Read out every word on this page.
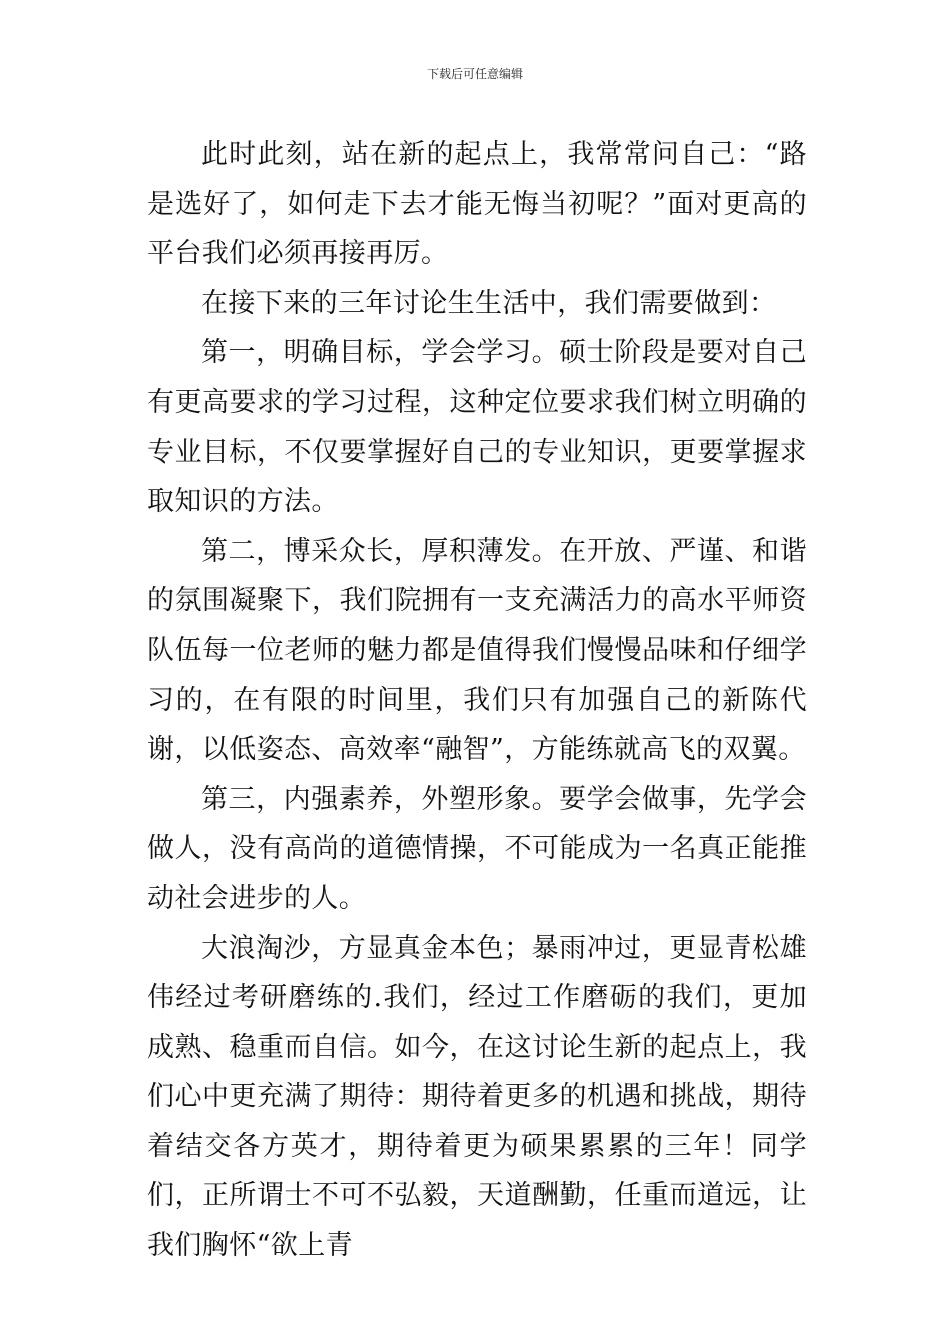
下载后可任意编辑

此时此刻，站在新的起点上，我常常问自己：“路是选好了，如何走下去才能无悔当初呢？”面对更高的平台我们必须再接再厉。

在接下来的三年讨论生生活中，我们需要做到：

第一，明确目标，学会学习。硕士阶段是要对自己有更高要求的学习过程，这种定位要求我们树立明确的专业目标，不仅要掌握好自己的专业知识，更要掌握求取知识的方法。

第二，博采众长，厚积薄发。在开放、严谨、和谐的氛围凝聚下，我们院拥有一支充满活力的高水平师资队伍每一位老师的魅力都是值得我们慢慢品味和仔细学习的，在有限的时间里，我们只有加强自己的新陈代谢，以低姿态、高效率“融智”，方能练就高飞的双翼。

第三，内强素养，外塑形象。要学会做事，先学会做人，没有高尚的道德情操，不可能成为一名真正能推动社会进步的人。

大浪淘沙，方显真金本色；暴雨冲过，更显青松雄伟经过考研磨练的.我们，经过工作磨砺的我们，更加成熟、稳重而自信。如今，在这讨论生新的起点上，我们心中更充满了期待：期待着更多的机遇和挑战，期待着结交各方英才，期待着更为硕果累累的三年！同学们，正所谓士不可不弘毅，天道酬勤，任重而道远，让我们胸怀“欲上青
